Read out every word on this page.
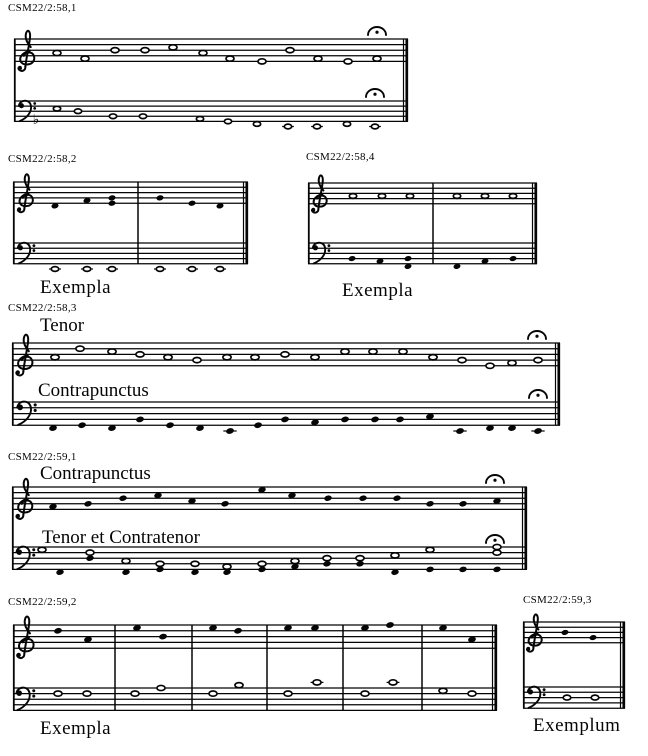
♭
CSM22/2:58,1
CSM22/2:58,2
Exempla
CSM22/2:58,4
Exempla
Tenor
Contrapunctus
CSM22/2:58,3
Contrapunctus
Tenor et Contratenor
CSM22/2:59,1
CSM22/2:59,2
Exempla
CSM22/2:59,3
Exemplum
